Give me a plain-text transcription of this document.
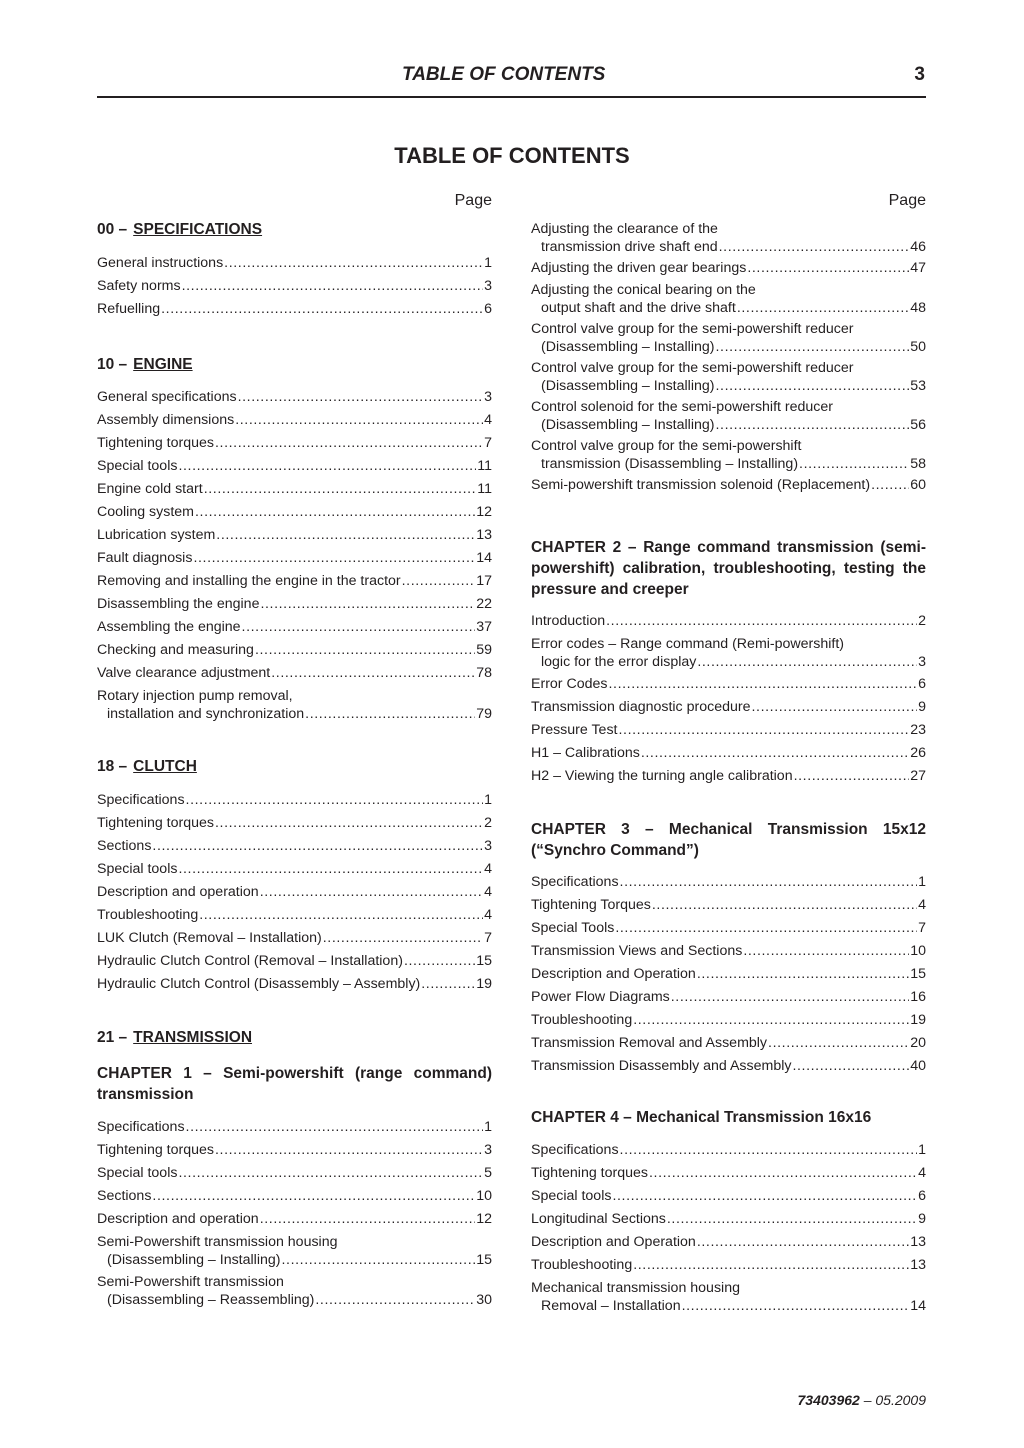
TABLE OF CONTENTS	3
TABLE OF CONTENTS
Page	Page
00 – SPECIFICATIONS
10 – ENGINE
18 – CLUTCH
21 – TRANSMISSION
CHAPTER 1 – Semi-powershift (range command) transmission
CHAPTER 2 – Range command transmission (semi-powershift) calibration, troubleshooting, testing the pressure and creeper
CHAPTER 3 – Mechanical Transmission 15x12 (“Synchro Command”)
CHAPTER 4 – Mechanical Transmission 16x16
General instructions .....	1
Safety norms .....	3
Refuelling .....	6
General specifications .....	3
Assembly dimensions .....	4
Tightening torques .....	7
Special tools .....	11
Engine cold start .....	11
Cooling system .....	12
Lubrication system .....	13
Fault diagnosis .....	14
Removing and installing the engine in the tractor .....	17
Disassembling the engine .....	22
Assembling the engine .....	37
Checking and measuring .....	59
Valve clearance adjustment .....	78
Rotary injection pump removal,
installation and synchronization .....	79
Specifications .....	1
Tightening torques .....	2
Sections .....	3
Special tools .....	4
Description and operation .....	4
Troubleshooting .....	4
LUK Clutch (Removal – Installation) .....	7
Hydraulic Clutch Control (Removal – Installation) .....	15
Hydraulic Clutch Control (Disassembly – Assembly) .....	19
Specifications .....	1
Tightening torques .....	3
Special tools .....	5
Sections .....	10
Description and operation .....	12
Semi-Powershift transmission housing
(Disassembling – Installing) .....	15
Semi-Powershift transmission
(Disassembling – Reassembling) .....	30
Adjusting the clearance of the
transmission drive shaft end .....	46
Adjusting the driven gear bearings .....	47
Adjusting the conical bearing on the
output shaft and the drive shaft .....	48
Control valve group for the semi-powershift reducer
(Disassembling – Installing) .....	50
Control valve group for the semi-powershift reducer
(Disassembling – Installing) .....	53
Control solenoid for the semi-powershift reducer
(Disassembling – Installing) .....	56
Control valve group for the semi-powershift
transmission (Disassembling – Installing) .....	58
Semi-powershift transmission solenoid (Replacement) .....	60
Introduction .....	2
Error codes – Range command (Remi-powershift)
logic for the error display .....	3
Error Codes .....	6
Transmission diagnostic procedure .....	9
Pressure Test .....	23
H1 – Calibrations .....	26
H2 – Viewing the turning angle calibration .....	27
Specifications .....	1
Tightening Torques .....	4
Special Tools .....	7
Transmission Views and Sections .....	10
Description and Operation .....	15
Power Flow Diagrams .....	16
Troubleshooting .....	19
Transmission Removal and Assembly .....	20
Transmission Disassembly and Assembly .....	40
Specifications .....	1
Tightening torques .....	4
Special tools .....	6
Longitudinal Sections .....	9
Description and Operation .....	13
Troubleshooting .....	13
Mechanical transmission housing
Removal – Installation .....	14
73403962 – 05.2009
